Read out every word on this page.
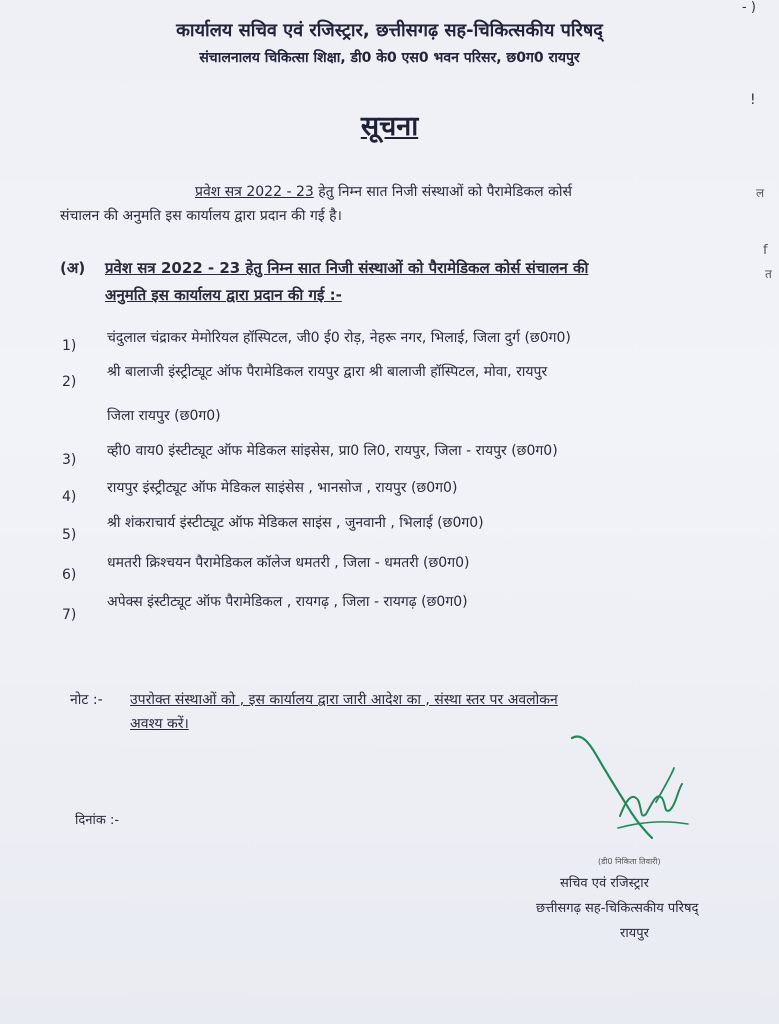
- )
!
ल
f
त
कार्यालय सचिव एवं रजिस्ट्रार, छत्तीसगढ़ सह-चिकित्सकीय परिषद्
संचालनालय चिकित्सा शिक्षा, डी0 के0 एस0 भवन परिसर, छ0ग0 रायपुर
सूचना
प्रवेश सत्र 2022 - 23 हेतु निम्न सात निजी संस्थाओं को पैरामेडिकल कोर्स
संचालन की अनुमति इस कार्यालय द्वारा प्रदान की गई है।
(अ) प्रवेश सत्र 2022 - 23 हेतु निम्न सात निजी संस्थाओं को पैरामेडिकल कोर्स संचालन की
अनुमति इस कार्यालय द्वारा प्रदान की गई :-
1) चंदुलाल चंद्राकर मेमोरियल हॉस्पिटल, जी0 ई0 रोड़, नेहरू नगर, भिलाई, जिला दुर्ग (छ0ग0)
2)
श्री बालाजी इंस्ट्रीट्यूट ऑफ पैरामेडिकल रायपुर द्वारा श्री बालाजी हॉस्पिटल, मोवा, रायपुर
जिला रायपुर (छ0ग0)
3)
व्ही0 वाय0 इंस्टीट्यूट ऑफ मेडिकल सांइसेस, प्रा0 लि0, रायपुर, जिला - रायपुर (छ0ग0)
4)
रायपुर इंस्ट्रीट्यूट ऑफ मेडिकल साइंसेस , भानसोज , रायपुर (छ0ग0)
5)
श्री शंकराचार्य इंस्टीट्यूट ऑफ मेडिकल साइंस , जुनवानी , भिलाई (छ0ग0)
6)
धमतरी क्रिश्चयन पैरामेडिकल कॉलेज धमतरी , जिला - धमतरी (छ0ग0)
7)
अपेक्स इंस्टीट्यूट ऑफ पैरामेडिकल , रायगढ़ , जिला - रायगढ़ (छ0ग0)
नोट :- उपरोक्त संस्थाओं को , इस कार्यालय द्वारा जारी आदेश का , संस्था स्तर पर अवलोकन
अवश्य करें।
दिनांक :-
(डी0 निकिता तिवारी)
सचिव एवं रजिस्ट्रार
छत्तीसगढ़ सह-चिकित्सकीय परिषद्
रायपुर
